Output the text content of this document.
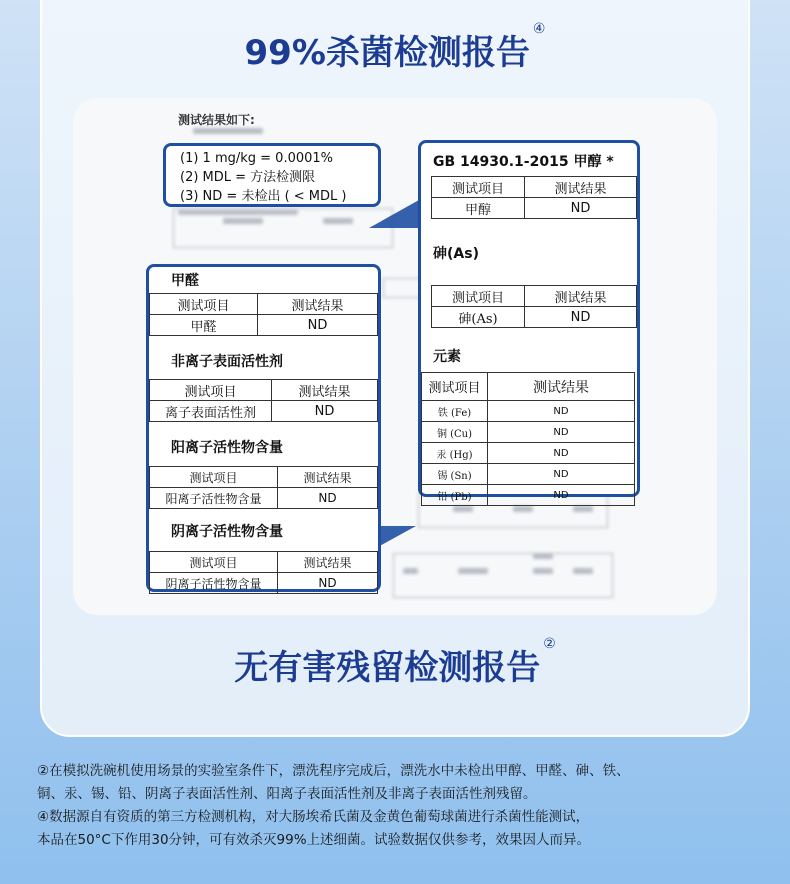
99%杀菌检测报告④
测试结果如下:
(1) 1 mg/kg = 0.0001%
(2) MDL = 方法检测限
(3) ND = 未检出 ( < MDL )
甲醛
测试项目	测试结果
甲醛	ND
非离子表面活性剂
测试项目	测试结果
离子表面活性剂	ND
阳离子活性物含量
测试项目	测试结果
阳离子活性物含量	ND
阴离子活性物含量
测试项目	测试结果
阴离子活性物含量	ND
GB 14930.1-2015 甲醇 *
测试项目	测试结果
甲醇	ND
砷(As)
测试项目	测试结果
砷(As)	ND
元素
测试项目	测试结果
铁 (Fe)	ND
铜 (Cu)	ND
汞 (Hg)	ND
锡 (Sn)	ND
铅 (Pb)	ND
无有害残留检测报告②
②在模拟洗碗机使用场景的实验室条件下，漂洗程序完成后，漂洗水中未检出甲醇、甲醛、砷、铁、
铜、汞、锡、铅、阴离子表面活性剂、阳离子表面活性剂及非离子表面活性剂残留。
④数据源自有资质的第三方检测机构，对大肠埃希氏菌及金黄色葡萄球菌进行杀菌性能测试，
本品在50°C下作用30分钟，可有效杀灭99%上述细菌。试验数据仅供参考，效果因人而异。
